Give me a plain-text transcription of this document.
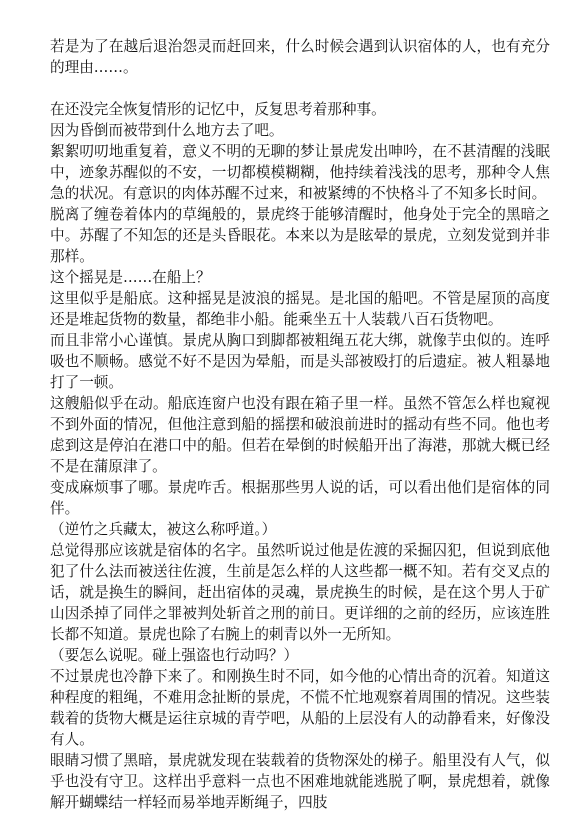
若是为了在越后退治怨灵而赶回来，什么时候会遇到认识宿体的人，也有充分的理由……。

在还没完全恢复情形的记忆中，反复思考着那种事。

因为昏倒而被带到什么地方去了吧。

絮絮叨叨地重复着，意义不明的无聊的梦让景虎发出呻吟，在不甚清醒的浅眠中，迹象苏醒似的不安，一切都模模糊糊，他持续着浅浅的思考，那种令人焦急的状况。有意识的肉体苏醒不过来，和被紧缚的不快格斗了不知多长时间。

脱离了缠卷着体内的草绳般的，景虎终于能够清醒时，他身处于完全的黑暗之中。苏醒了不知怎的还是头昏眼花。本来以为是眩晕的景虎，立刻发觉到并非那样。

这个摇晃是……在船上？

这里似乎是船底。这种摇晃是波浪的摇晃。是北国的船吧。不管是屋顶的高度还是堆起货物的数量，都绝非小船。能乘坐五十人装载八百石货物吧。

而且非常小心谨慎。景虎从胸口到脚都被粗绳五花大绑，就像芋虫似的。连呼吸也不顺畅。感觉不好不是因为晕船，而是头部被殴打的后遗症。被人粗暴地打了一顿。

这艘船似乎在动。船底连窗户也没有跟在箱子里一样。虽然不管怎么样也窥视不到外面的情况，但他注意到船的摇摆和破浪前进时的摇动有些不同。他也考虑到这是停泊在港口中的船。但若在晕倒的时候船开出了海港，那就大概已经不是在蒲原津了。

变成麻烦事了哪。景虎咋舌。根据那些男人说的话，可以看出他们是宿体的同伴。

（逆竹之兵藏太，被这么称呼道。）

总觉得那应该就是宿体的名字。虽然听说过他是佐渡的采掘囚犯，但说到底他犯了什么法而被送往佐渡，生前是怎么样的人这些都一概不知。若有交叉点的话，就是换生的瞬间，赶出宿体的灵魂，景虎换生的时候，是在这个男人于矿山因杀掉了同伴之罪被判处斩首之刑的前日。更详细的之前的经历，应该连胜长都不知道。景虎也除了右腕上的刺青以外一无所知。

（要怎么说呢。碰上强盗也行动吗？）

不过景虎也冷静下来了。和刚换生时不同，如今他的心情出奇的沉着。知道这种程度的粗绳，不难用念扯断的景虎，不慌不忙地观察着周围的情况。这些装载着的货物大概是运往京城的青苧吧，从船的上层没有人的动静看来，好像没有人。

眼睛习惯了黑暗，景虎就发现在装载着的货物深处的梯子。船里没有人气，似乎也没有守卫。这样出乎意料一点也不困难地就能逃脱了啊，景虎想着，就像解开蝴蝶结一样轻而易举地弄断绳子，四肢
